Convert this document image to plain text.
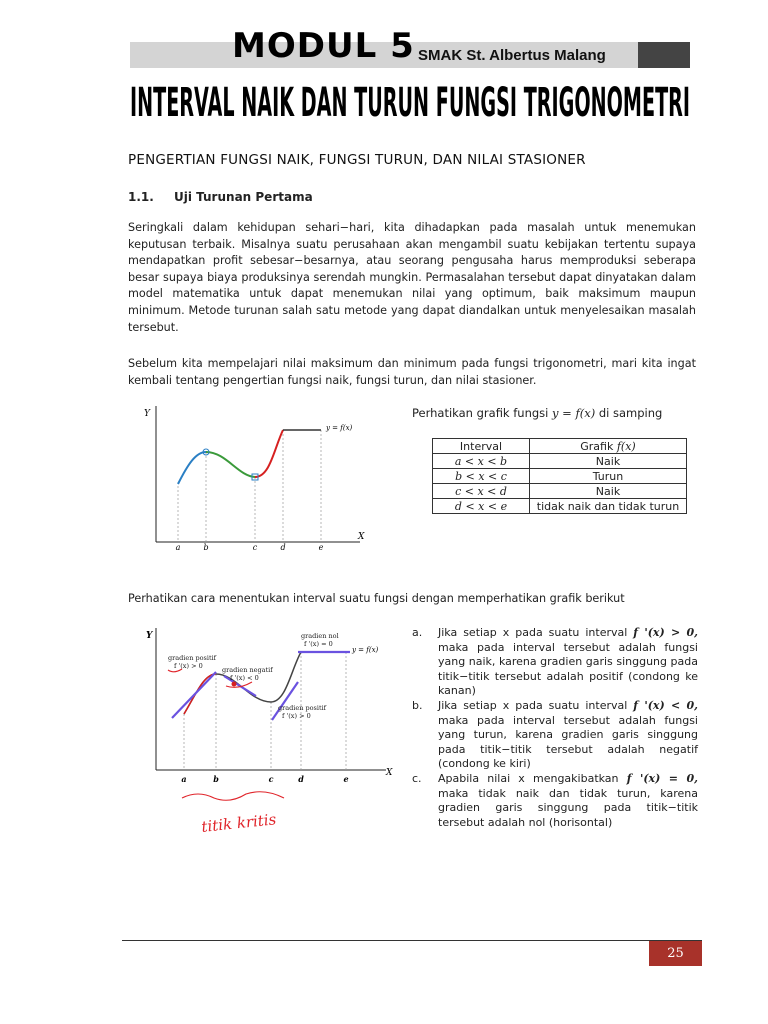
MODUL 5 SMAK St. Albertus Malang
INTERVAL NAIK DAN TURUN FUNGSI TRIGONOMETRI
PENGERTIAN FUNGSI NAIK, FUNGSI TURUN, DAN NILAI STASIONER
1.1. Uji Turunan Pertama
Seringkali dalam kehidupan sehari−hari, kita dihadapkan pada masalah untuk menemukan keputusan terbaik. Misalnya suatu perusahaan akan mengambil suatu kebijakan tertentu supaya mendapatkan profit sebesar−besarnya, atau seorang pengusaha harus memproduksi seberapa besar supaya biaya produksinya serendah mungkin. Permasalahan tersebut dapat dinyatakan dalam model matematika untuk dapat menemukan nilai yang optimum, baik maksimum maupun minimum. Metode turunan salah satu metode yang dapat diandalkan untuk menyelesaikan masalah tersebut.
Sebelum kita mempelajari nilai maksimum dan minimum pada fungsi trigonometri, mari kita ingat kembali tentang pengertian fungsi naik, fungsi turun, dan nilai stasioner.
Y
X
y = f(x)
a	b	c	d	e
Perhatikan grafik fungsi y = f(x) di samping
Interval	Grafik f(x)
a < x < b	Naik
b < x < c	Turun
c < x < d	Naik
d < x < e	tidak naik dan tidak turun
Perhatikan cara menentukan interval suatu fungsi dengan memperhatikan grafik berikut
Y
X
y = f(x)
gradien nol
f '(x) = 0
gradien positif
f '(x) > 0	gradien negatif
f '(x) < 0
gradien positif
f '(x) > 0
a	b	c	d	e
titik kritis
a. Jika setiap x pada suatu interval f '(x) > 0, maka pada interval tersebut adalah fungsi yang naik, karena gradien garis singgung pada titik−titik tersebut adalah positif (condong ke kanan)
b. Jika setiap x pada suatu interval f '(x) < 0, maka pada interval tersebut adalah fungsi yang turun, karena gradien garis singgung pada titik−titik tersebut adalah negatif (condong ke kiri)
c. Apabila nilai x mengakibatkan f '(x) = 0, maka tidak naik dan tidak turun, karena gradien garis singgung pada titik−titik tersebut adalah nol (horisontal)
25
